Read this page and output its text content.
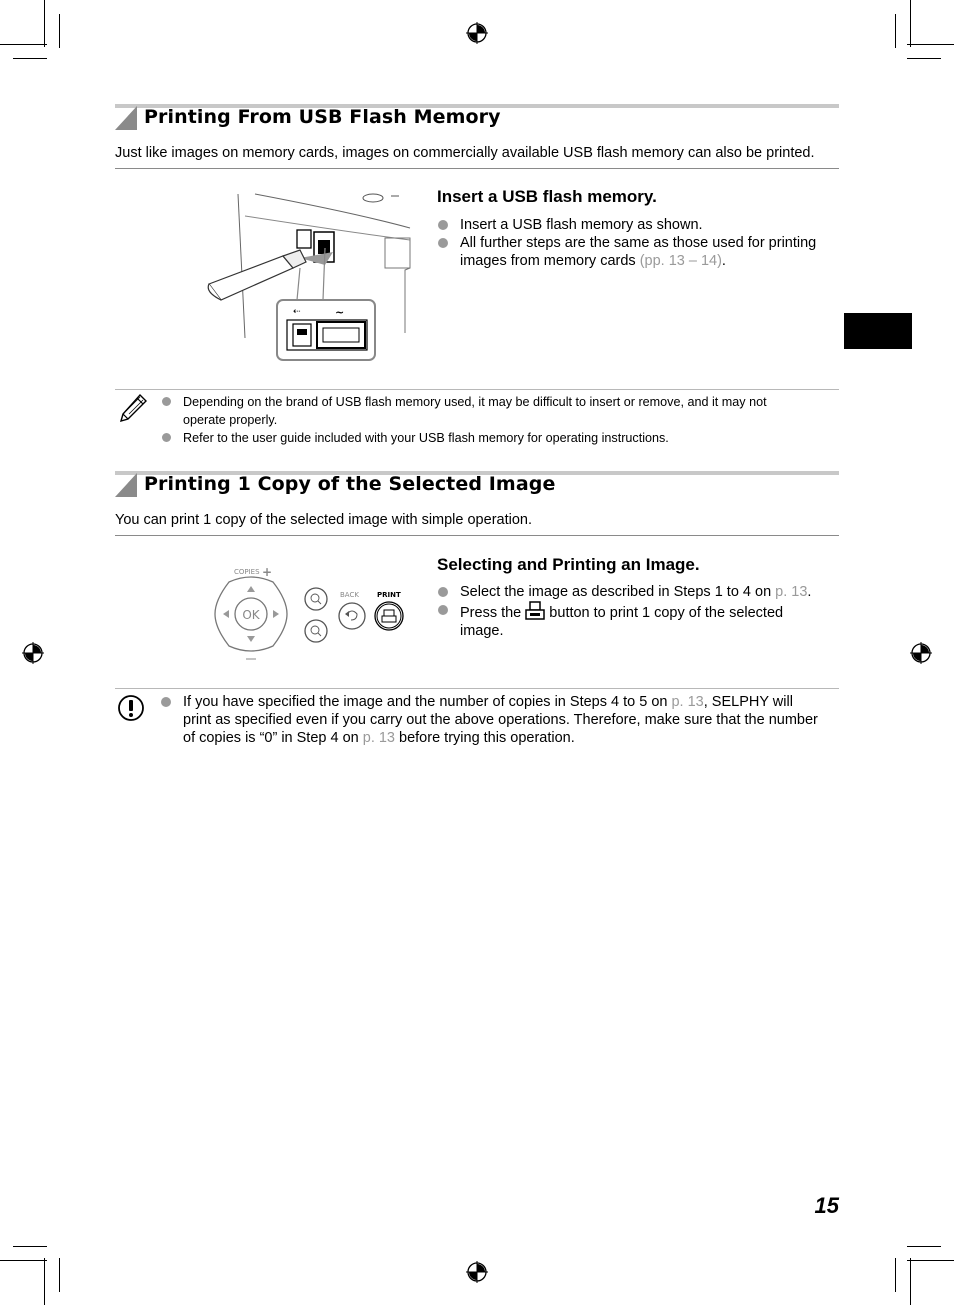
Printing From USB Flash Memory
Just like images on memory cards, images on commercially available USB flash memory can also be printed.
⇠	~
Insert a USB flash memory.
Insert a USB flash memory as shown.
All further steps are the same as those used for printing images from memory cards (pp. 13 – 14).
Depending on the brand of USB flash memory used, it may be difficult to insert or remove, and it may not operate properly.
Refer to the user guide included with your USB flash memory for operating instructions.
Printing 1 Copy of the Selected Image
You can print 1 copy of the selected image with simple operation.
COPIES +
OK
BACK	PRINT
Selecting and Printing an Image.
Select the image as described in Steps 1 to 4 on p. 13.
Press the  button to print 1 copy of the selected image.
If you have specified the image and the number of copies in Steps 4 to 5 on p. 13, SELPHY will print as specified even if you carry out the above operations. Therefore, make sure that the number of copies is “0” in Step 4 on p. 13 before trying this operation.
15
